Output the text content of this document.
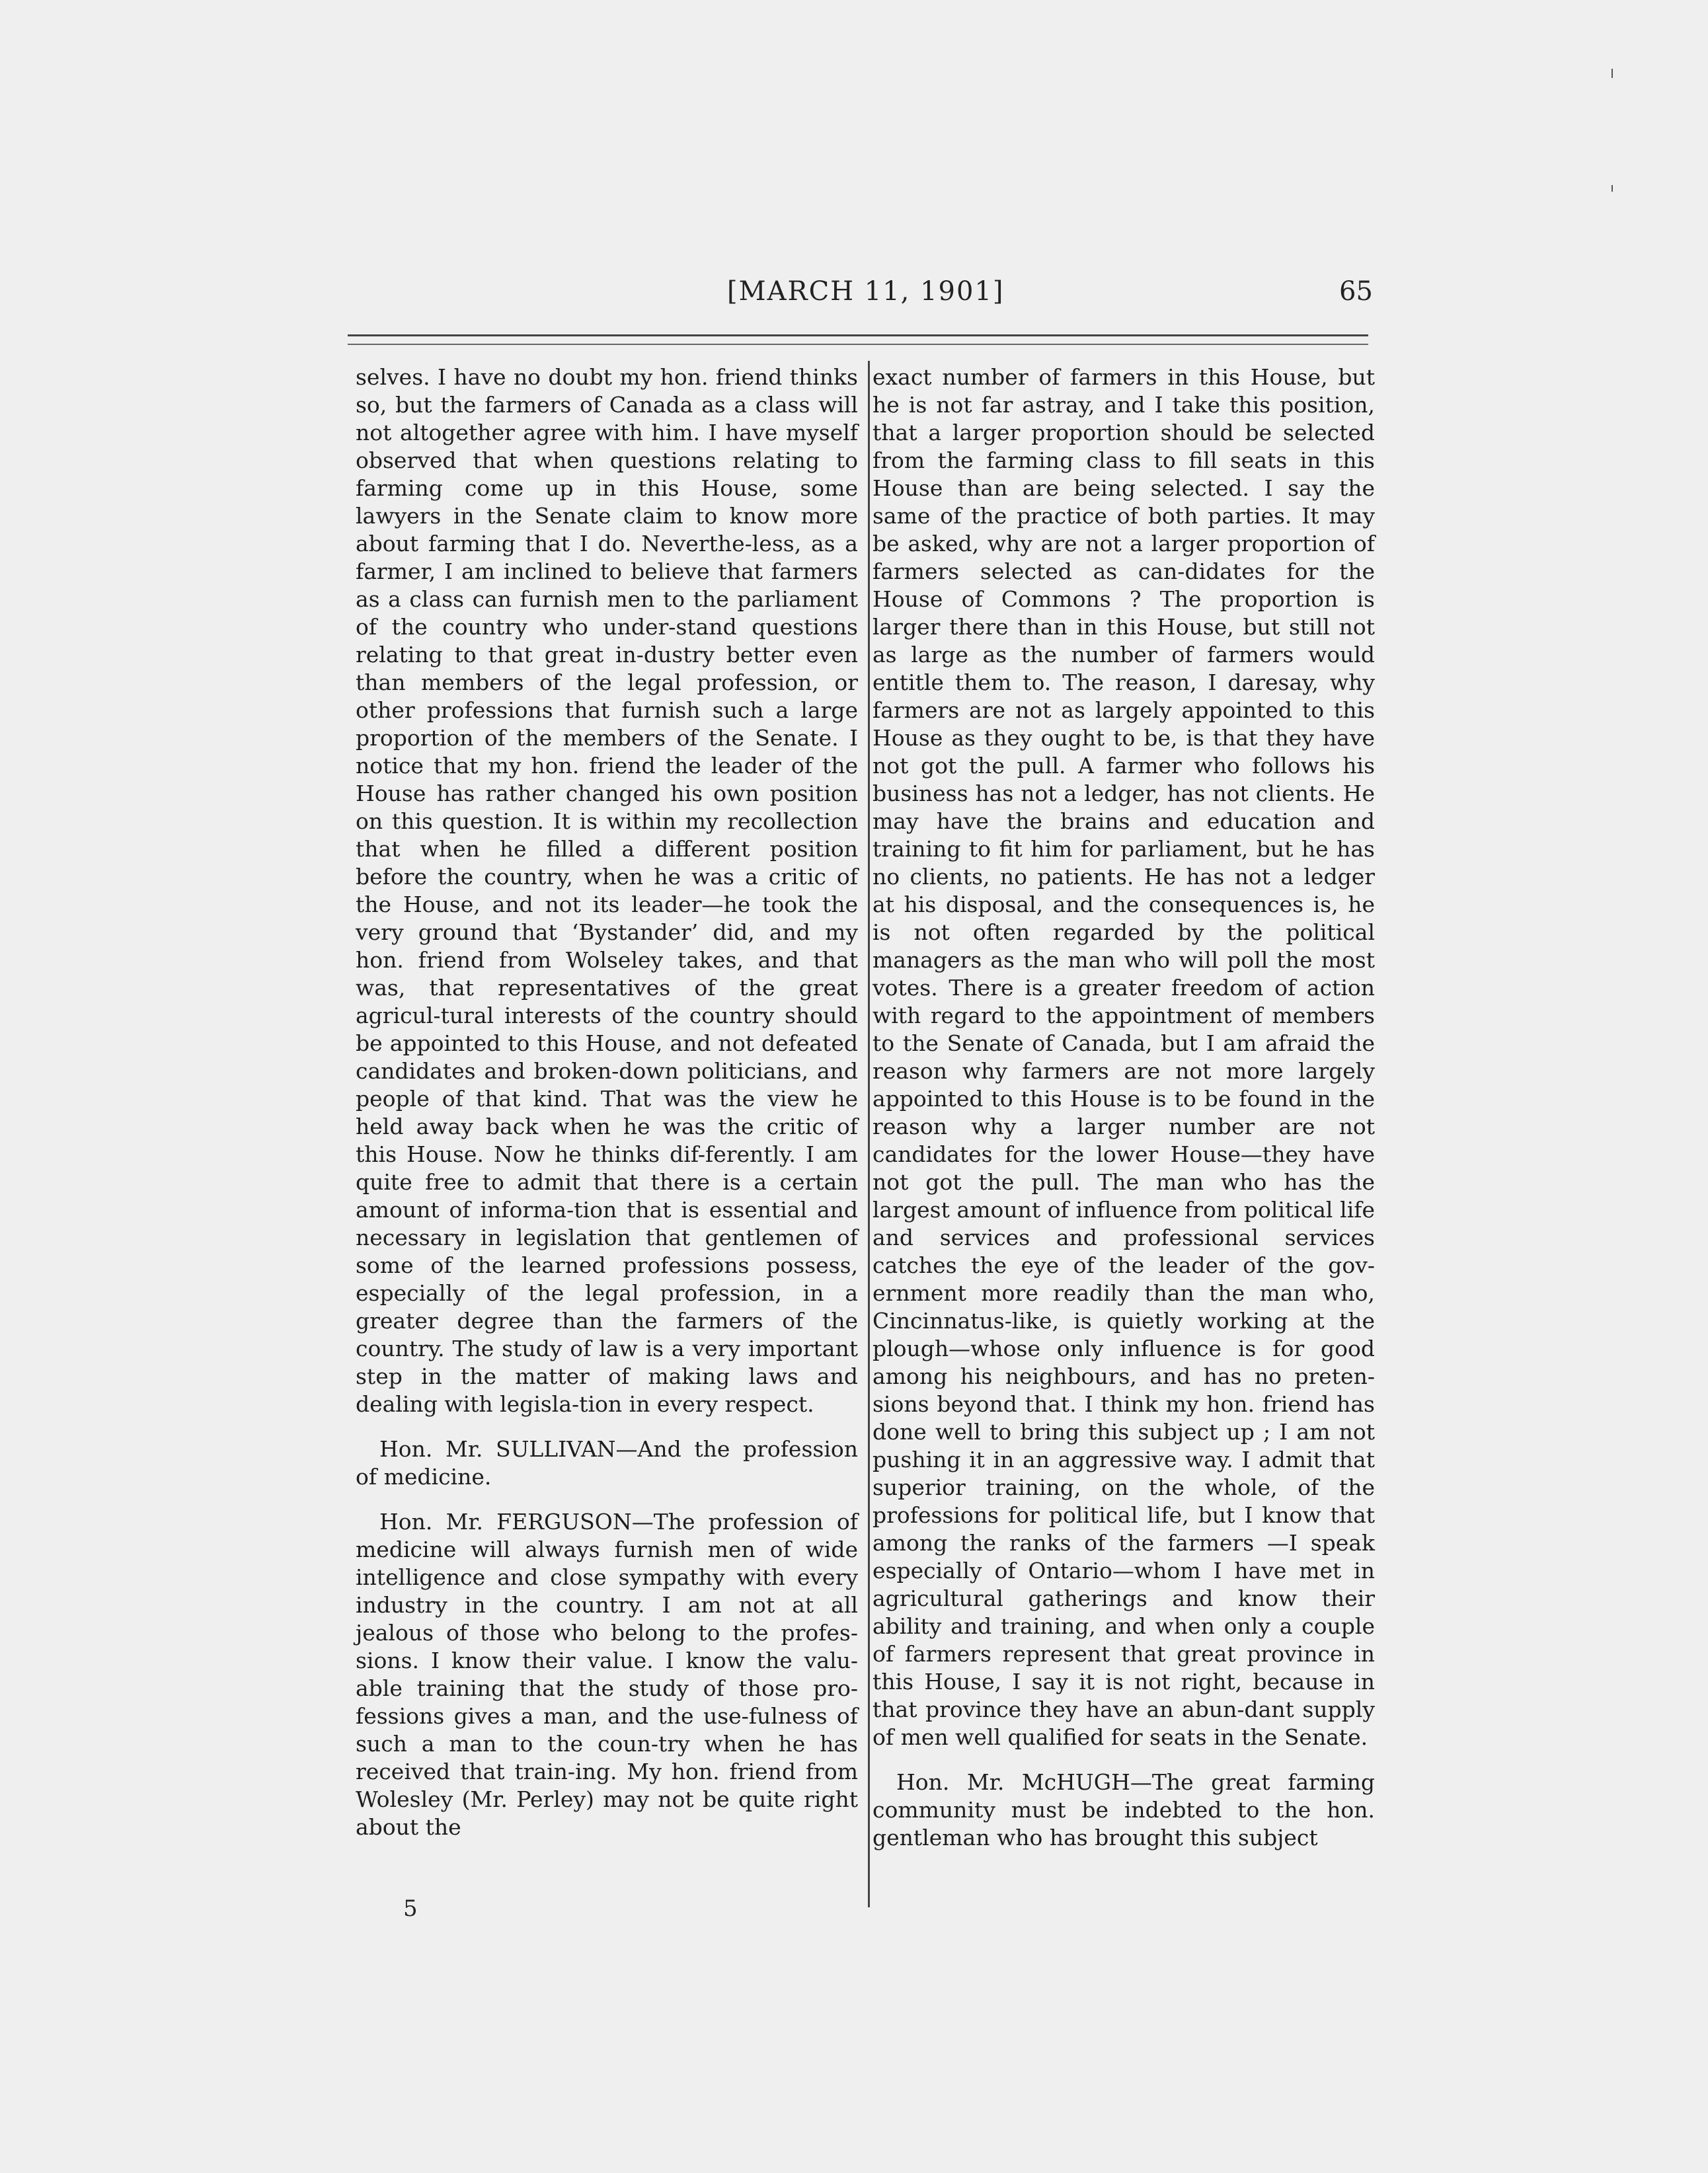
[MARCH 11, 1901]	65

selves. I have no doubt my hon. friend thinks so, but the farmers of Canada as a class will not altogether agree with him. I have myself observed that when questions relating to farming come up in this House, some lawyers in the Senate claim to know more about farming that I do. Neverthe-less, as a farmer, I am inclined to believe that farmers as a class can furnish men to the parliament of the country who under-stand questions relating to that great in-dustry better even than members of the legal profession, or other professions that furnish such a large proportion of the members of the Senate. I notice that my hon. friend the leader of the House has rather changed his own position on this question. It is within my recollection that when he filled a different position before the country, when he was a critic of the House, and not its leader—he took the very ground that ‘Bystander’ did, and my hon. friend from Wolseley takes, and that was, that representatives of the great agricul-tural interests of the country should be appointed to this House, and not defeated candidates and broken-down politicians, and people of that kind. That was the view he held away back when he was the critic of this House. Now he thinks dif-ferently. I am quite free to admit that there is a certain amount of informa-tion that is essential and necessary in legislation that gentlemen of some of the learned professions possess, especially of the legal profession, in a greater degree than the farmers of the country. The study of law is a very important step in the matter of making laws and dealing with legisla-tion in every respect.

Hon. Mr. SULLIVAN—And the profession of medicine.

Hon. Mr. FERGUSON—The profession of medicine will always furnish men of wide intelligence and close sympathy with every industry in the country. I am not at all jealous of those who belong to the profes-sions. I know their value. I know the valu-able training that the study of those pro-fessions gives a man, and the use-fulness of such a man to the coun-try when he has received that train-ing. My hon. friend from Wolesley (Mr. Perley) may not be quite right about the

exact number of farmers in this House, but he is not far astray, and I take this position, that a larger proportion should be selected from the farming class to fill seats in this House than are being selected. I say the same of the practice of both parties. It may be asked, why are not a larger proportion of farmers selected as can-didates for the House of Commons ? The proportion is larger there than in this House, but still not as large as the number of farmers would entitle them to. The reason, I daresay, why farmers are not as largely appointed to this House as they ought to be, is that they have not got the pull. A farmer who follows his business has not a ledger, has not clients. He may have the brains and education and training to fit him for parliament, but he has no clients, no patients. He has not a ledger at his disposal, and the consequences is, he is not often regarded by the political managers as the man who will poll the most votes. There is a greater freedom of action with regard to the appointment of members to the Senate of Canada, but I am afraid the reason why farmers are not more largely appointed to this House is to be found in the reason why a larger number are not candidates for the lower House—they have not got the pull. The man who has the largest amount of influence from political life and services and professional services catches the eye of the leader of the gov-ernment more readily than the man who, Cincinnatus-like, is quietly working at the plough—whose only influence is for good among his neighbours, and has no preten-sions beyond that. I think my hon. friend has done well to bring this subject up ; I am not pushing it in an aggressive way. I admit that superior training, on the whole, of the professions for political life, but I know that among the ranks of the farmers —I speak especially of Ontario—whom I have met in agricultural gatherings and know their ability and training, and when only a couple of farmers represent that great province in this House, I say it is not right, because in that province they have an abun-dant supply of men well qualified for seats in the Senate.

Hon. Mr. McHUGH—The great farming community must be indebted to the hon. gentleman who has brought this subject

5
